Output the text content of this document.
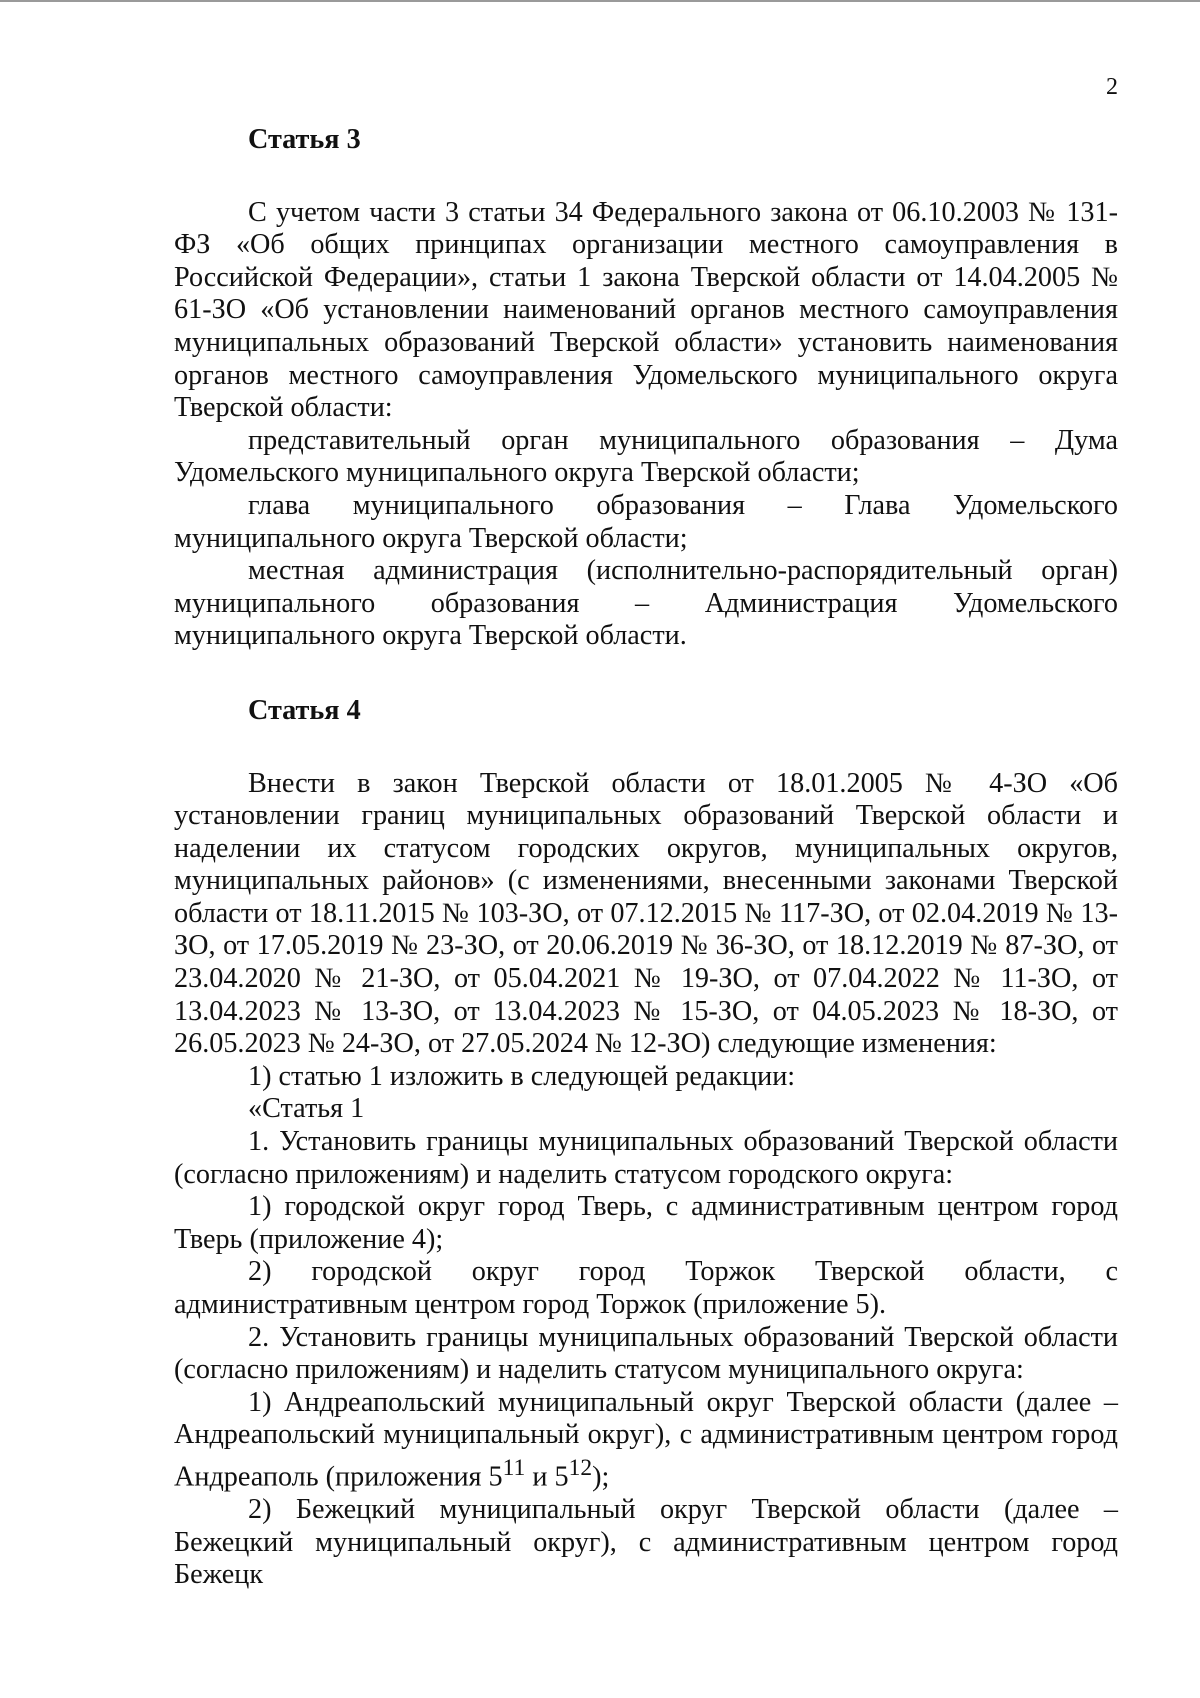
2
Статья 3

С учетом части 3 статьи 34 Федерального закона от 06.10.2003 № 131-ФЗ «Об общих принципах организации местного самоуправления в Российской Федерации», статьи 1 закона Тверской области от 14.04.2005 № 61-ЗО «Об установлении наименований органов местного самоуправления муниципальных образований Тверской области» установить наименования органов местного самоуправления Удомельского муниципального округа Тверской области:

представительный орган муниципального образования – Дума Удомельского муниципального округа Тверской области;

глава муниципального образования – Глава Удомельского муниципального округа Тверской области;

местная администрация (исполнительно-распорядительный орган) муниципального образования – Администрация Удомельского муниципального округа Тверской области.

Статья 4

Внести в закон Тверской области от 18.01.2005 № 4-ЗО «Об установлении границ муниципальных образований Тверской области и наделении их статусом городских округов, муниципальных округов, муниципальных районов» (с изменениями, внесенными законами Тверской области от 18.11.2015 № 103-ЗО, от 07.12.2015 № 117-ЗО, от 02.04.2019 № 13-ЗО, от 17.05.2019 № 23-ЗО, от 20.06.2019 № 36-ЗО, от 18.12.2019 № 87-ЗО, от 23.04.2020 № 21-ЗО, от 05.04.2021 № 19-ЗО, от 07.04.2022 № 11-ЗО, от 13.04.2023 № 13-ЗО, от 13.04.2023 № 15-ЗО, от 04.05.2023 № 18-ЗО, от 26.05.2023 № 24-ЗО, от 27.05.2024 № 12-ЗО) следующие изменения:

1) статью 1 изложить в следующей редакции:

«Статья 1

1. Установить границы муниципальных образований Тверской области (согласно приложениям) и наделить статусом городского округа:

1) городской округ город Тверь, с административным центром город Тверь (приложение 4);

2) городской округ город Торжок Тверской области, с административным центром город Торжок (приложение 5).

2. Установить границы муниципальных образований Тверской области (согласно приложениям) и наделить статусом муниципального округа:

1) Андреапольский муниципальный округ Тверской области (далее – Андреапольский муниципальный округ), с административным центром город Андреаполь (приложения $5^{11}$ и $5^{12}$);

2) Бежецкий муниципальный округ Тверской области (далее – Бежецкий муниципальный округ), с административным центром город Бежецк
